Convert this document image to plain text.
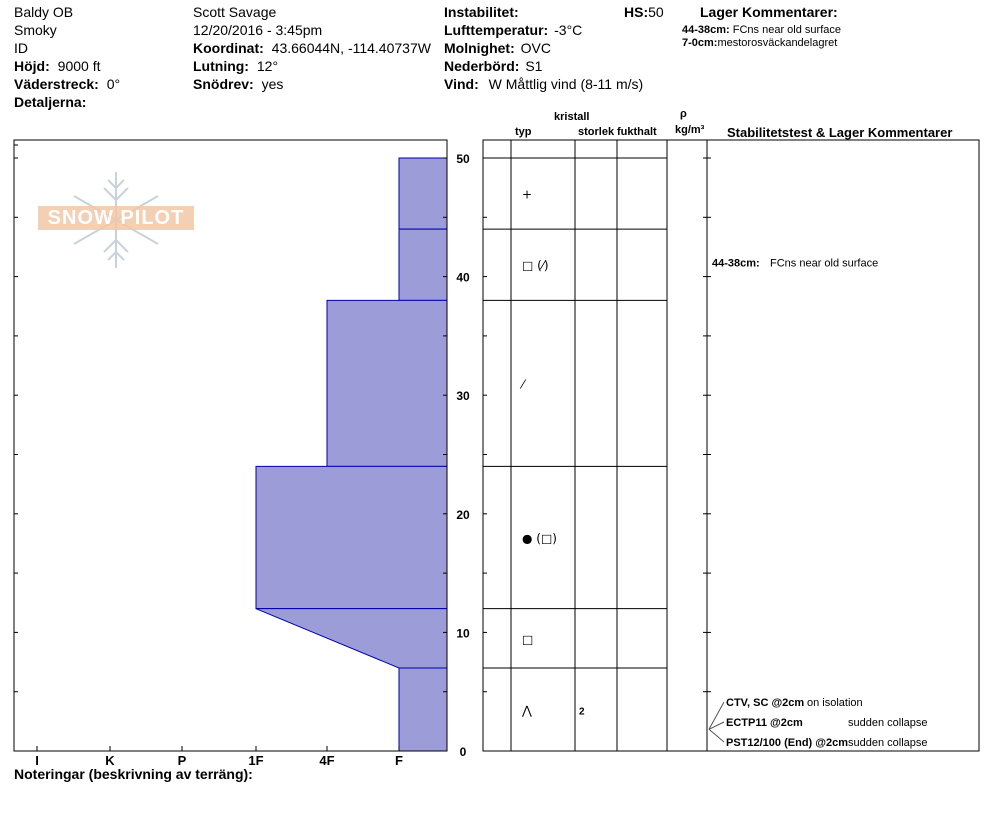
Baldy OB
Smoky
ID
Höjd: 9000 ft
Väderstreck: 0°
Detaljerna:
Scott Savage
12/20/2016 - 3:45pm
Koordinat: 43.66044N, -114.40737W
Lutning: 12°
Snödrev: yes
Instabilitet:	HS:50
Lufttemperatur: -3°C
Molnighet: OVC
Nederbörd: S1
Vind: W Måttlig vind (8-11 m/s)
Lager Kommentarer:
44-38cm: FCns near old surface
7-0cm:mestorosväckandelagret
kristall
typ	storlek fukthalt
ρ
kg/m³ Stabilitetstest & Lager Kommentarer
SNOW PILOT
I	K	P	1F	4F	F
0
10
20
30
40
50
+
□ (⁄)
⁄
● (□)
□
⋀	2
44-38cm: FCns near old surface
CTV, SC @2cm on isolation
ECTP11 @2cm	sudden collapse
PST12/100 (End) @2cm sudden collapse
Noteringar (beskrivning av terräng):
